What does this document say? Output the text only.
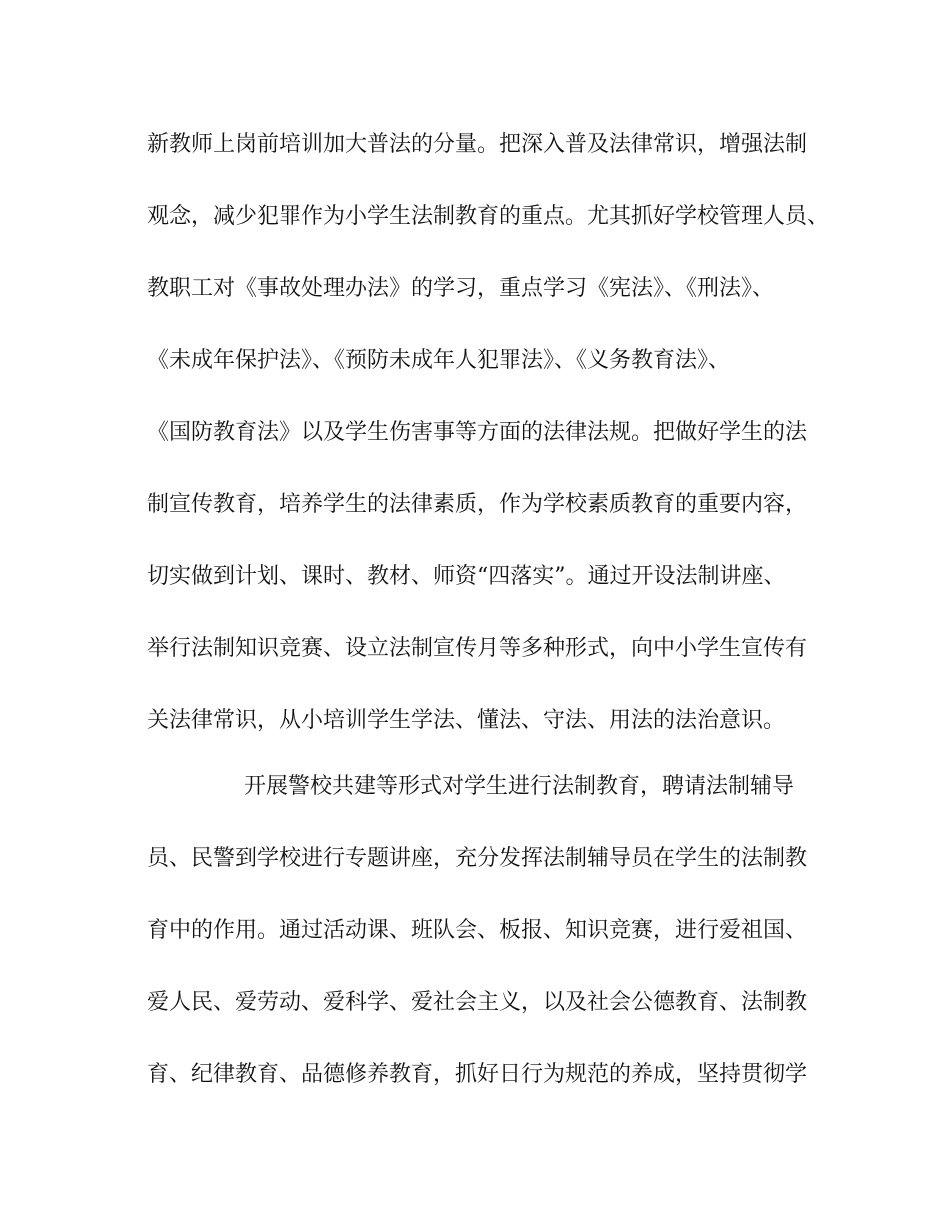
新教师上岗前培训加大普法的分量。把深入普及法律常识，增强法制
观念，减少犯罪作为小学生法制教育的重点。尤其抓好学校管理人员、
教职工对《事故处理办法》的学习，重点学习《宪法》、《刑法》、
《未成年保护法》、《预防未成年人犯罪法》、《义务教育法》、
《国防教育法》以及学生伤害事等方面的法律法规。把做好学生的法
制宣传教育，培养学生的法律素质，作为学校素质教育的重要内容，
切实做到计划、课时、教材、师资“四落实”。通过开设法制讲座、
举行法制知识竞赛、设立法制宣传月等多种形式，向中小学生宣传有
关法律常识，从小培训学生学法、懂法、守法、用法的法治意识。
开展警校共建等形式对学生进行法制教育，聘请法制辅导
员、民警到学校进行专题讲座，充分发挥法制辅导员在学生的法制教
育中的作用。通过活动课、班队会、板报、知识竞赛，进行爱祖国、
爱人民、爱劳动、爱科学、爱社会主义，以及社会公德教育、法制教
育、纪律教育、品德修养教育，抓好日行为规范的养成，坚持贯彻学
